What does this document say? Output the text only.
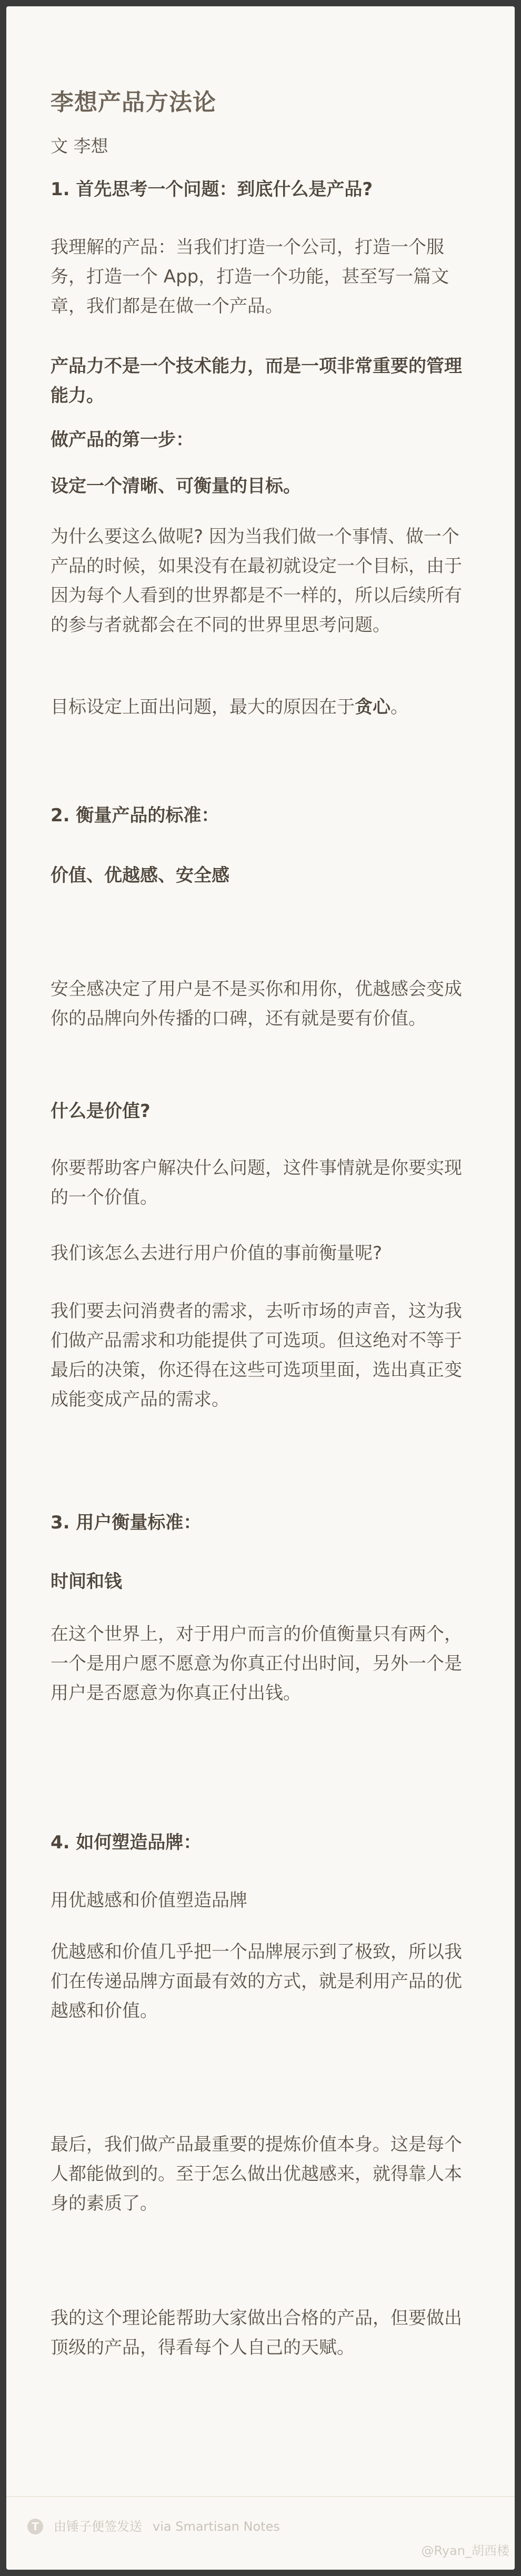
李想产品方法论
文 李想

1. 首先思考一个问题：到底什么是产品?

我理解的产品：当我们打造一个公司，打造一个服务，打造一个 App，打造一个功能，甚至写一篇文章，我们都是在做一个产品。

产品力不是一个技术能力，而是一项非常重要的管理能力。

做产品的第一步：

设定一个清晰、可衡量的目标。

为什么要这么做呢? 因为当我们做一个事情、做一个产品的时候，如果没有在最初就设定一个目标，由于因为每个人看到的世界都是不一样的，所以后续所有的参与者就都会在不同的世界里思考问题。

目标设定上面出问题，最大的原因在于贪心。

2. 衡量产品的标准：

价值、优越感、安全感

安全感决定了用户是不是买你和用你，优越感会变成你的品牌向外传播的口碑，还有就是要有价值。

什么是价值?

你要帮助客户解决什么问题，这件事情就是你要实现的一个价值。

我们该怎么去进行用户价值的事前衡量呢?

我们要去问消费者的需求，去听市场的声音，这为我们做产品需求和功能提供了可选项。但这绝对不等于最后的决策，你还得在这些可选项里面，选出真正变成能变成产品的需求。

3. 用户衡量标准：

时间和钱

在这个世界上，对于用户而言的价值衡量只有两个，一个是用户愿不愿意为你真正付出时间，另外一个是用户是否愿意为你真正付出钱。

4. 如何塑造品牌：

用优越感和价值塑造品牌

优越感和价值几乎把一个品牌展示到了极致，所以我们在传递品牌方面最有效的方式，就是利用产品的优越感和价值。

最后，我们做产品最重要的提炼价值本身。这是每个人都能做到的。至于怎么做出优越感来，就得靠人本身的素质了。

我的这个理论能帮助大家做出合格的产品，但要做出顶级的产品，得看每个人自己的天赋。

T	由锤子便签发送 via Smartisan Notes
@Ryan_胡西楼
